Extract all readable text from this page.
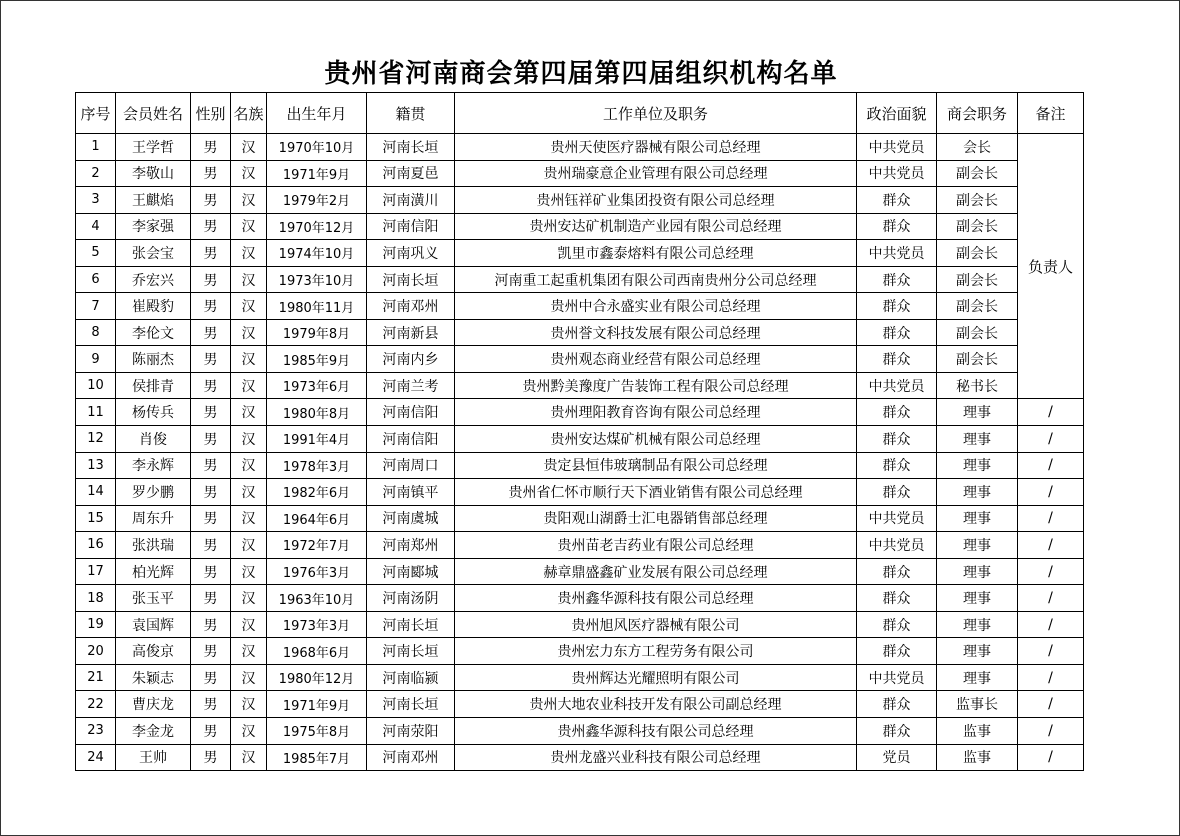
贵州省河南商会第四届第四届组织机构名单
序号	会员姓名	性别	名族	出生年月	籍贯	工作单位及职务	政治面貌	商会职务	备注
1	王学哲	男	汉	1970年10月	河南长垣	贵州天使医疗器械有限公司总经理	中共党员	会长	负责人
2	李敬山	男	汉	1971年9月	河南夏邑	贵州瑞豪意企业管理有限公司总经理	中共党员	副会长	
3	王麒焰	男	汉	1979年2月	河南潢川	贵州钰祥矿业集团投资有限公司总经理	群众	副会长	
4	李家强	男	汉	1970年12月	河南信阳	贵州安达矿机制造产业园有限公司总经理	群众	副会长	
5	张会宝	男	汉	1974年10月	河南巩义	凯里市鑫泰熔料有限公司总经理	中共党员	副会长	
6	乔宏兴	男	汉	1973年10月	河南长垣	河南重工起重机集团有限公司西南贵州分公司总经理	群众	副会长	
7	崔殿豹	男	汉	1980年11月	河南邓州	贵州中合永盛实业有限公司总经理	群众	副会长	
8	李伦文	男	汉	1979年8月	河南新县	贵州誉文科技发展有限公司总经理	群众	副会长	
9	陈丽杰	男	汉	1985年9月	河南内乡	贵州观态商业经营有限公司总经理	群众	副会长	
10	侯排青	男	汉	1973年6月	河南兰考	贵州黔美豫度广告装饰工程有限公司总经理	中共党员	秘书长	
11	杨传兵	男	汉	1980年8月	河南信阳	贵州理阳教育咨询有限公司总经理	群众	理事	/
12	肖俊	男	汉	1991年4月	河南信阳	贵州安达煤矿机械有限公司总经理	群众	理事	/
13	李永辉	男	汉	1978年3月	河南周口	贵定县恒伟玻璃制品有限公司总经理	群众	理事	/
14	罗少鹏	男	汉	1982年6月	河南镇平	贵州省仁怀市顺行天下酒业销售有限公司总经理	群众	理事	/
15	周东升	男	汉	1964年6月	河南虞城	贵阳观山湖爵士汇电器销售部总经理	中共党员	理事	/
16	张洪瑞	男	汉	1972年7月	河南郑州	贵州苗老吉药业有限公司总经理	中共党员	理事	/
17	柏光辉	男	汉	1976年3月	河南郾城	赫章鼎盛鑫矿业发展有限公司总经理	群众	理事	/
18	张玉平	男	汉	1963年10月	河南汤阴	贵州鑫华源科技有限公司总经理	群众	理事	/
19	袁国辉	男	汉	1973年3月	河南长垣	贵州旭风医疗器械有限公司	群众	理事	/
20	高俊京	男	汉	1968年6月	河南长垣	贵州宏力东方工程劳务有限公司	群众	理事	/
21	朱颖志	男	汉	1980年12月	河南临颍	贵州辉达光耀照明有限公司	中共党员	理事	/
22	曹庆龙	男	汉	1971年9月	河南长垣	贵州大地农业科技开发有限公司副总经理	群众	监事长	/
23	李金龙	男	汉	1975年8月	河南荥阳	贵州鑫华源科技有限公司总经理	群众	监事	/
24	王帅	男	汉	1985年7月	河南邓州	贵州龙盛兴业科技有限公司总经理	党员	监事	/
